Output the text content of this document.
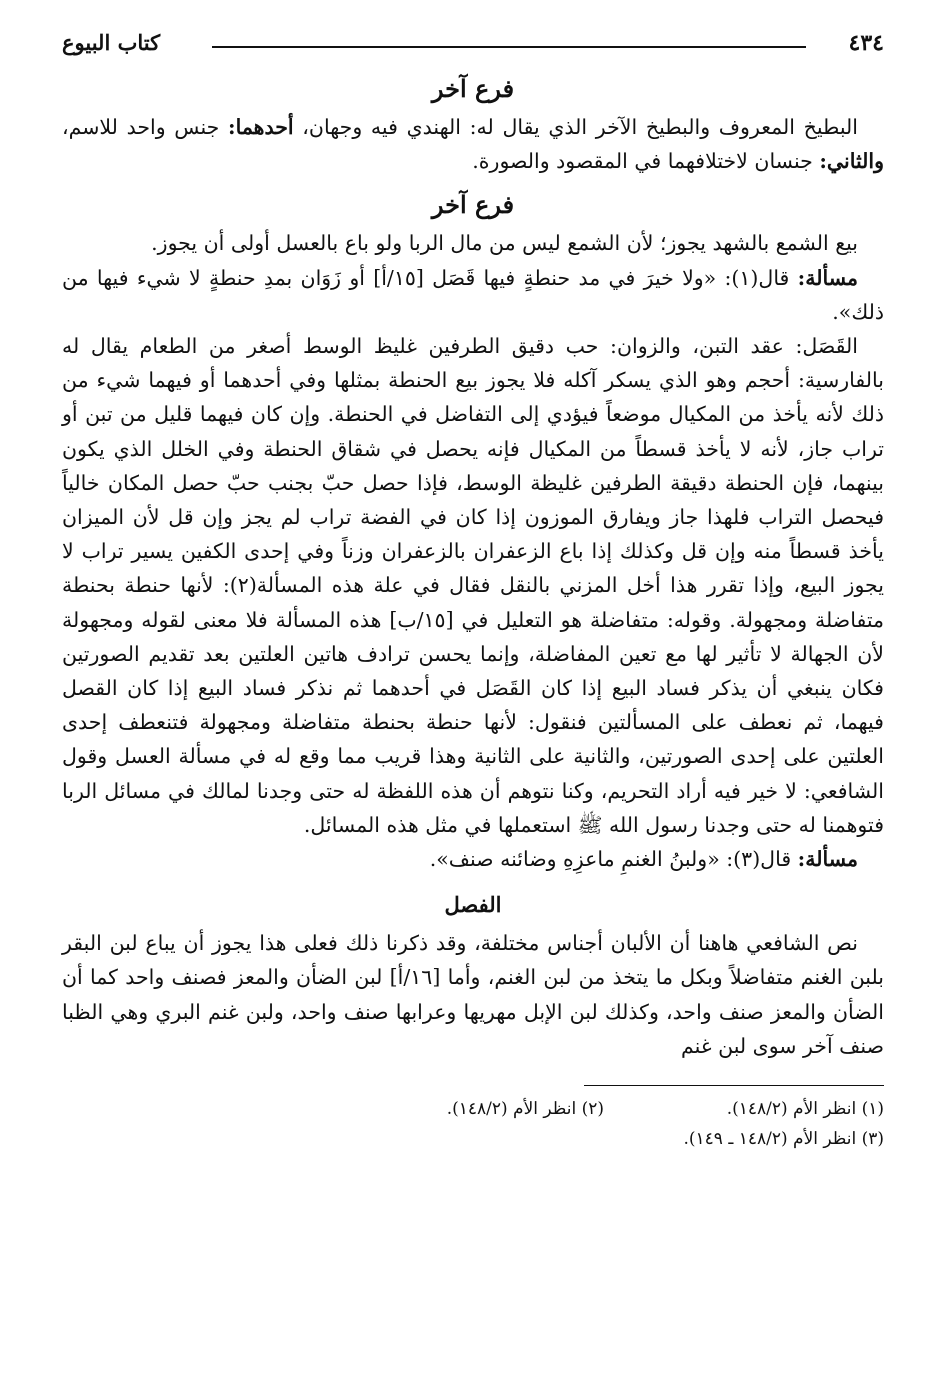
٤٣٤
كتاب البيوع
فرع آخر

البطيخ المعروف والبطيخ الآخر الذي يقال له: الهندي فيه وجهان، أحدهما: جنس واحد للاسم، والثاني: جنسان لاختلافهما في المقصود والصورة.

فرع آخر

بيع الشمع بالشهد يجوز؛ لأن الشمع ليس من مال الربا ولو باع بالعسل أولى أن يجوز.

مسألة: قال(١): «ولا خيرَ في مد حنطةٍ فيها قَصَل [١٥/أ] أو زَوَان بمدِ حنطةٍ لا شيء فيها من ذلك».

القَصَل: عقد التبن، والزوان: حب دقيق الطرفين غليظ الوسط أصغر من الطعام يقال له بالفارسية: أحجم وهو الذي يسكر آكله فلا يجوز بيع الحنطة بمثلها وفي أحدهما أو فيهما شيء من ذلك لأنه يأخذ من المكيال موضعاً فيؤدي إلى التفاضل في الحنطة. وإن كان فيهما قليل من تبن أو تراب جاز، لأنه لا يأخذ قسطاً من المكيال فإنه يحصل في شقاق الحنطة وفي الخلل الذي يكون بينهما، فإن الحنطة دقيقة الطرفين غليظة الوسط، فإذا حصل حبّ بجنب حبّ حصل المكان خالياً فيحصل التراب فلهذا جاز ويفارق الموزون إذا كان في الفضة تراب لم يجز وإن قل لأن الميزان يأخذ قسطاً منه وإن قل وكذلك إذا باع الزعفران بالزعفران وزناً وفي إحدى الكفين يسير تراب لا يجوز البيع، وإذا تقرر هذا أخل المزني بالنقل فقال في علة هذه المسألة(٢): لأنها حنطة بحنطة متفاضلة ومجهولة. وقوله: متفاضلة هو التعليل في [١٥/ب] هذه المسألة فلا معنى لقوله ومجهولة لأن الجهالة لا تأثير لها مع تعين المفاضلة، وإنما يحسن ترادف هاتين العلتين بعد تقديم الصورتين فكان ينبغي أن يذكر فساد البيع إذا كان القَصَل في أحدهما ثم نذكر فساد البيع إذا كان القصل فيهما، ثم نعطف على المسألتين فنقول: لأنها حنطة بحنطة متفاضلة ومجهولة فتنعطف إحدى العلتين على إحدى الصورتين، والثانية على الثانية وهذا قريب مما وقع له في مسألة العسل وقول الشافعي: لا خير فيه أراد التحريم، وكنا نتوهم أن هذه اللفظة له حتى وجدنا لمالك في مسائل الربا فتوهمنا له حتى وجدنا رسول الله ﷺ استعملها في مثل هذه المسائل.

مسألة: قال(٣): «ولبنُ الغنمِ ماعزِهِ وضائنه صنف».

الفصل

نص الشافعي هاهنا أن الألبان أجناس مختلفة، وقد ذكرنا ذلك فعلى هذا يجوز أن يباع لبن البقر بلبن الغنم متفاضلاً وبكل ما يتخذ من لبن الغنم، وأما [١٦/أ] لبن الضأن والمعز فصنف واحد كما أن الضأن والمعز صنف واحد، وكذلك لبن الإبل مهريها وعرابها صنف واحد، ولبن غنم البري وهي الظبا صنف آخر سوى لبن غنم

(١) انظر الأم (١٤٨/٢).
(٢) انظر الأم (١٤٨/٢).
(٣) انظر الأم (١٤٨/٢ ـ ١٤٩).
